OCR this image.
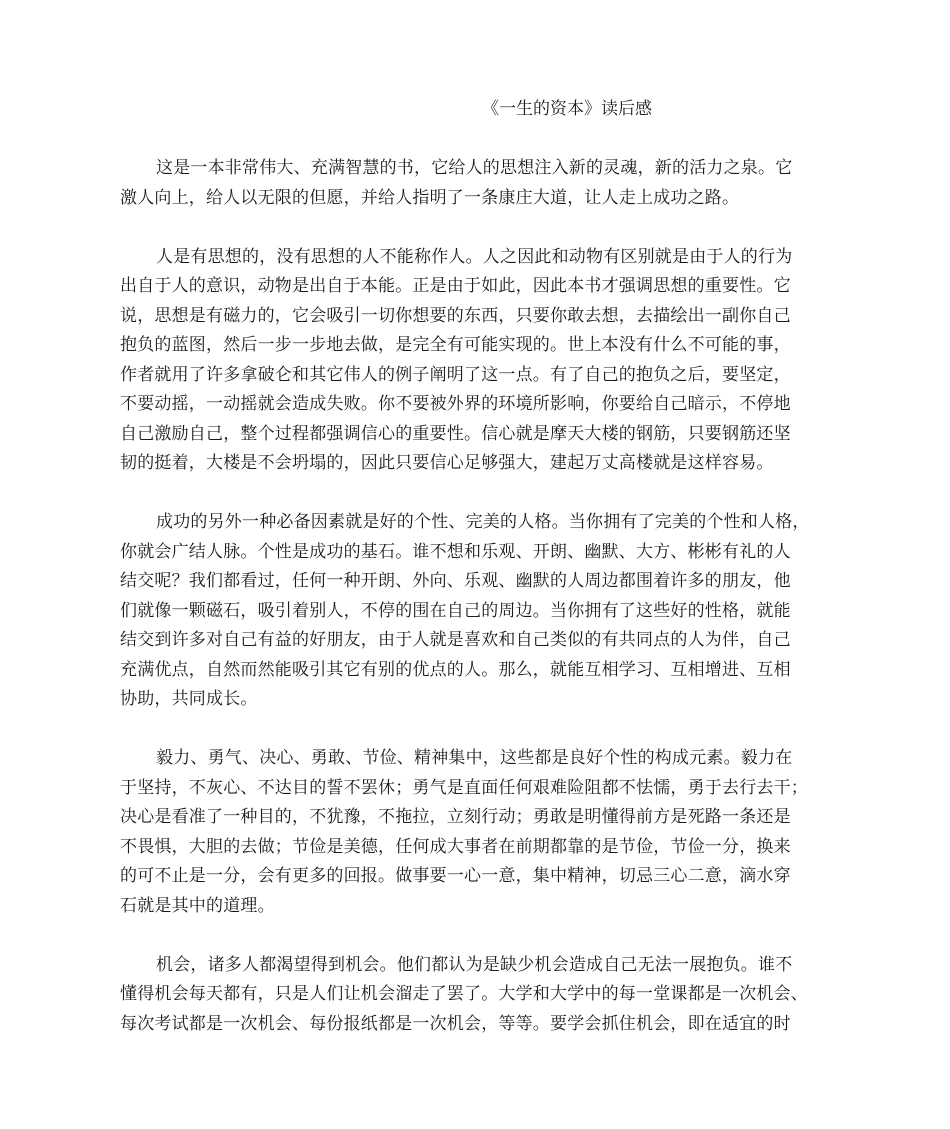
《一生的资本》读后感
这是一本非常伟大、充满智慧的书，它给人的思想注入新的灵魂，新的活力之泉。它
激人向上，给人以无限的但愿，并给人指明了一条康庄大道，让人走上成功之路。
人是有思想的，没有思想的人不能称作人。人之因此和动物有区别就是由于人的行为
出自于人的意识，动物是出自于本能。正是由于如此，因此本书才强调思想的重要性。它
说，思想是有磁力的，它会吸引一切你想要的东西，只要你敢去想，去描绘出一副你自己
抱负的蓝图，然后一步一步地去做，是完全有可能实现的。世上本没有什么不可能的事，
作者就用了许多拿破仑和其它伟人的例子阐明了这一点。有了自己的抱负之后，要坚定，
不要动摇，一动摇就会造成失败。你不要被外界的环境所影响，你要给自己暗示，不停地
自己激励自己，整个过程都强调信心的重要性。信心就是摩天大楼的钢筋，只要钢筋还坚
韧的挺着，大楼是不会坍塌的，因此只要信心足够强大，建起万丈高楼就是这样容易。
成功的另外一种必备因素就是好的个性、完美的人格。当你拥有了完美的个性和人格，
你就会广结人脉。个性是成功的基石。谁不想和乐观、开朗、幽默、大方、彬彬有礼的人
结交呢？我们都看过，任何一种开朗、外向、乐观、幽默的人周边都围着许多的朋友，他
们就像一颗磁石，吸引着别人，不停的围在自己的周边。当你拥有了这些好的性格，就能
结交到许多对自己有益的好朋友，由于人就是喜欢和自己类似的有共同点的人为伴，自己
充满优点，自然而然能吸引其它有别的优点的人。那么，就能互相学习、互相增进、互相
协助，共同成长。
毅力、勇气、决心、勇敢、节俭、精神集中，这些都是良好个性的构成元素。毅力在
于坚持，不灰心、不达目的誓不罢休；勇气是直面任何艰难险阻都不怯懦，勇于去行去干；
决心是看准了一种目的，不犹豫，不拖拉，立刻行动；勇敢是明懂得前方是死路一条还是
不畏惧，大胆的去做；节俭是美德，任何成大事者在前期都靠的是节俭，节俭一分，换来
的可不止是一分，会有更多的回报。做事要一心一意，集中精神，切忌三心二意，滴水穿
石就是其中的道理。
机会，诸多人都渴望得到机会。他们都认为是缺少机会造成自己无法一展抱负。谁不
懂得机会每天都有，只是人们让机会溜走了罢了。大学和大学中的每一堂课都是一次机会、
每次考试都是一次机会、每份报纸都是一次机会，等等。要学会抓住机会，即在适宜的时
